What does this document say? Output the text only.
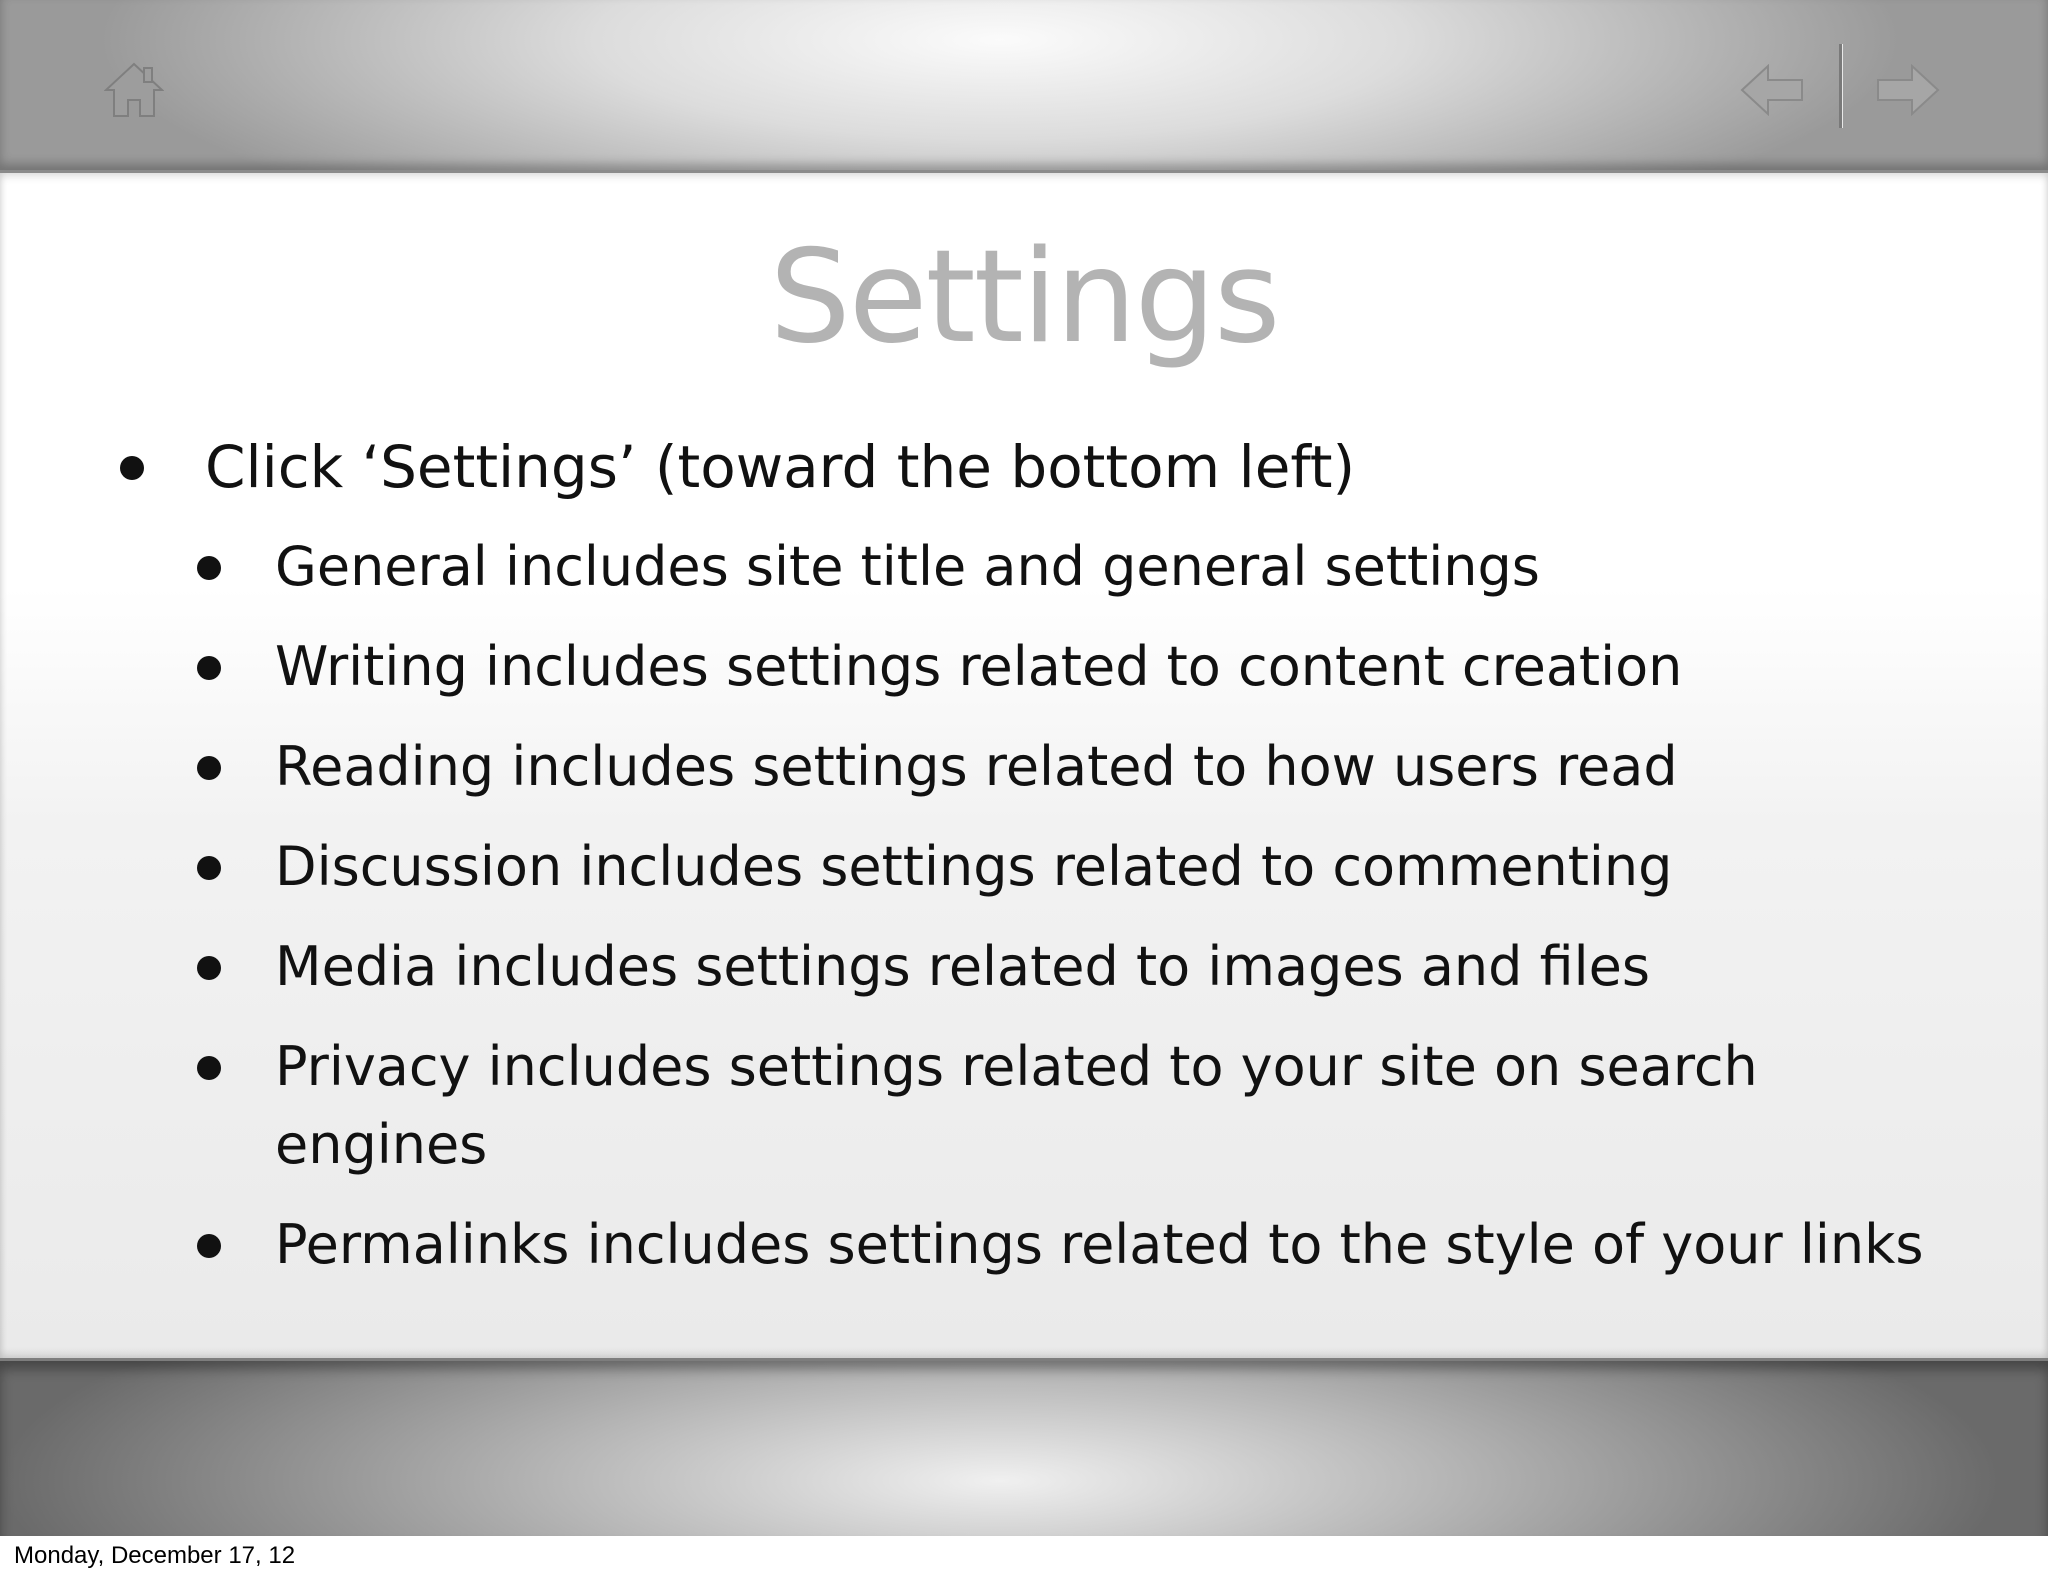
Settings
Click ‘Settings’ (toward the bottom left)
General includes site title and general settings
Writing includes settings related to content creation
Reading includes settings related to how users read
Discussion includes settings related to commenting
Media includes settings related to images and files
Privacy includes settings related to your site on search engines
Permalinks includes settings related to the style of your links
Monday, December 17, 12
